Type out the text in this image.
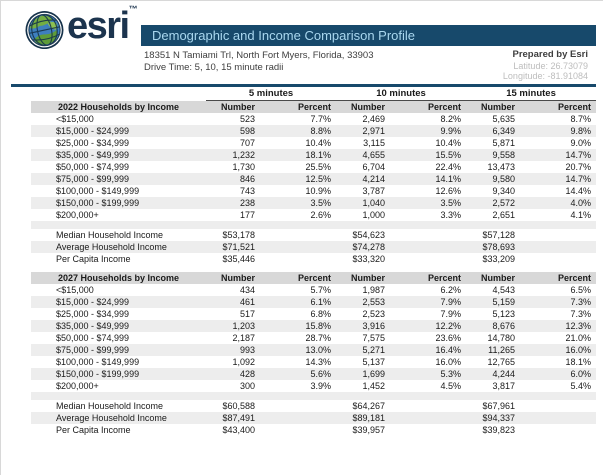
esri™
Demographic and Income Comparison Profile
18351 N Tamiami Trl, North Fort Myers, Florida, 33903
Drive Time: 5, 10, 15 minute radii
Prepared by Esri
Latitude: 26.73079
Longitude: -81.91084
	5 minutes		10 minutes		15 minutes	
2022 Households by Income	Number	Percent	Number	Percent	Number	Percent
<$15,000	523	7.7%	2,469	8.2%	5,635	8.7%
$15,000 - $24,999	598	8.8%	2,971	9.9%	6,349	9.8%
$25,000 - $34,999	707	10.4%	3,115	10.4%	5,871	9.0%
$35,000 - $49,999	1,232	18.1%	4,655	15.5%	9,558	14.7%
$50,000 - $74,999	1,730	25.5%	6,704	22.4%	13,473	20.7%
$75,000 - $99,999	846	12.5%	4,214	14.1%	9,580	14.7%
$100,000 - $149,999	743	10.9%	3,787	12.6%	9,340	14.4%
$150,000 - $199,999	238	3.5%	1,040	3.5%	2,572	4.0%
$200,000+	177	2.6%	1,000	3.3%	2,651	4.1%

Median Household Income	$53,178		$54,623		$57,128	
Average Household Income	$71,521		$74,278		$78,693	
Per Capita Income	$35,446		$33,320		$33,209	

2027 Households by Income	Number	Percent	Number	Percent	Number	Percent
<$15,000	434	5.7%	1,987	6.2%	4,543	6.5%
$15,000 - $24,999	461	6.1%	2,553	7.9%	5,159	7.3%
$25,000 - $34,999	517	6.8%	2,523	7.9%	5,123	7.3%
$35,000 - $49,999	1,203	15.8%	3,916	12.2%	8,676	12.3%
$50,000 - $74,999	2,187	28.7%	7,575	23.6%	14,780	21.0%
$75,000 - $99,999	993	13.0%	5,271	16.4%	11,265	16.0%
$100,000 - $149,999	1,092	14.3%	5,137	16.0%	12,765	18.1%
$150,000 - $199,999	428	5.6%	1,699	5.3%	4,244	6.0%
$200,000+	300	3.9%	1,452	4.5%	3,817	5.4%

Median Household Income	$60,588		$64,267		$67,961	
Average Household Income	$87,491		$89,181		$94,337	
Per Capita Income	$43,400		$39,957		$39,823	
